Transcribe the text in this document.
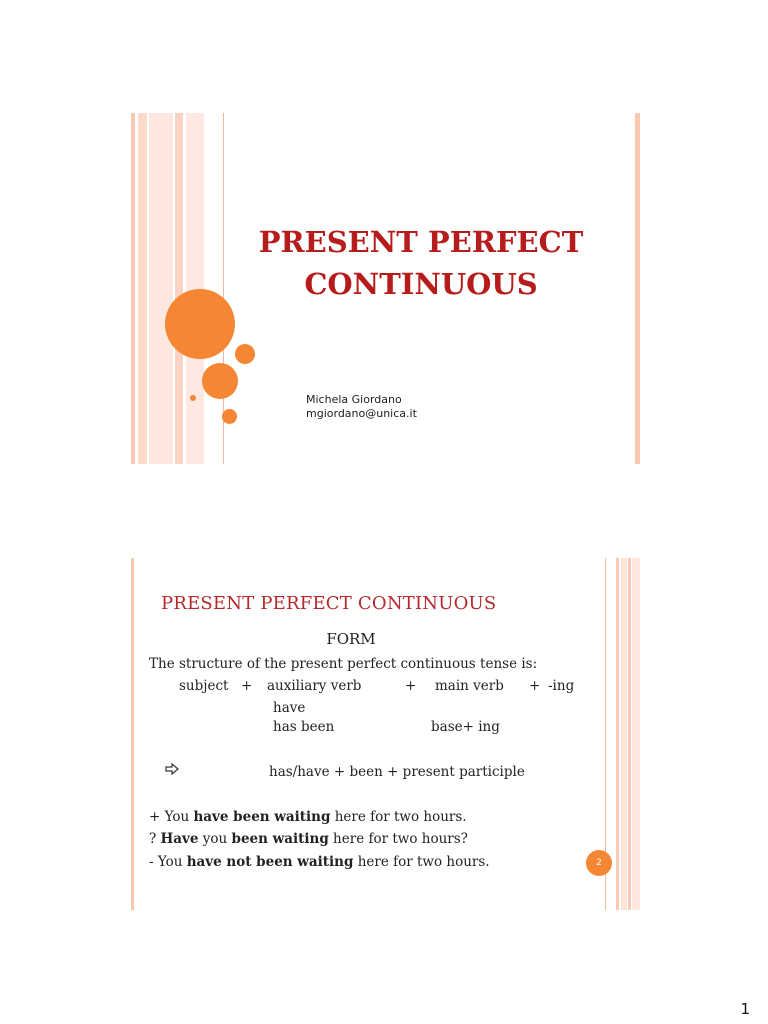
PRESENT PERFECT
CONTINUOUS
Michela Giordano
mgiordano@unica.it
PRESENT PERFECT CONTINUOUS
FORM
The structure of the present perfect continuous tense is:
subject + auxiliary verb	+ main verb + -ing
have
has been	base+ ing
has/have + been + present participle
+ You have been waiting here for two hours.
? Have you been waiting here for two hours?
- You have not been waiting here for two hours.	2
1
